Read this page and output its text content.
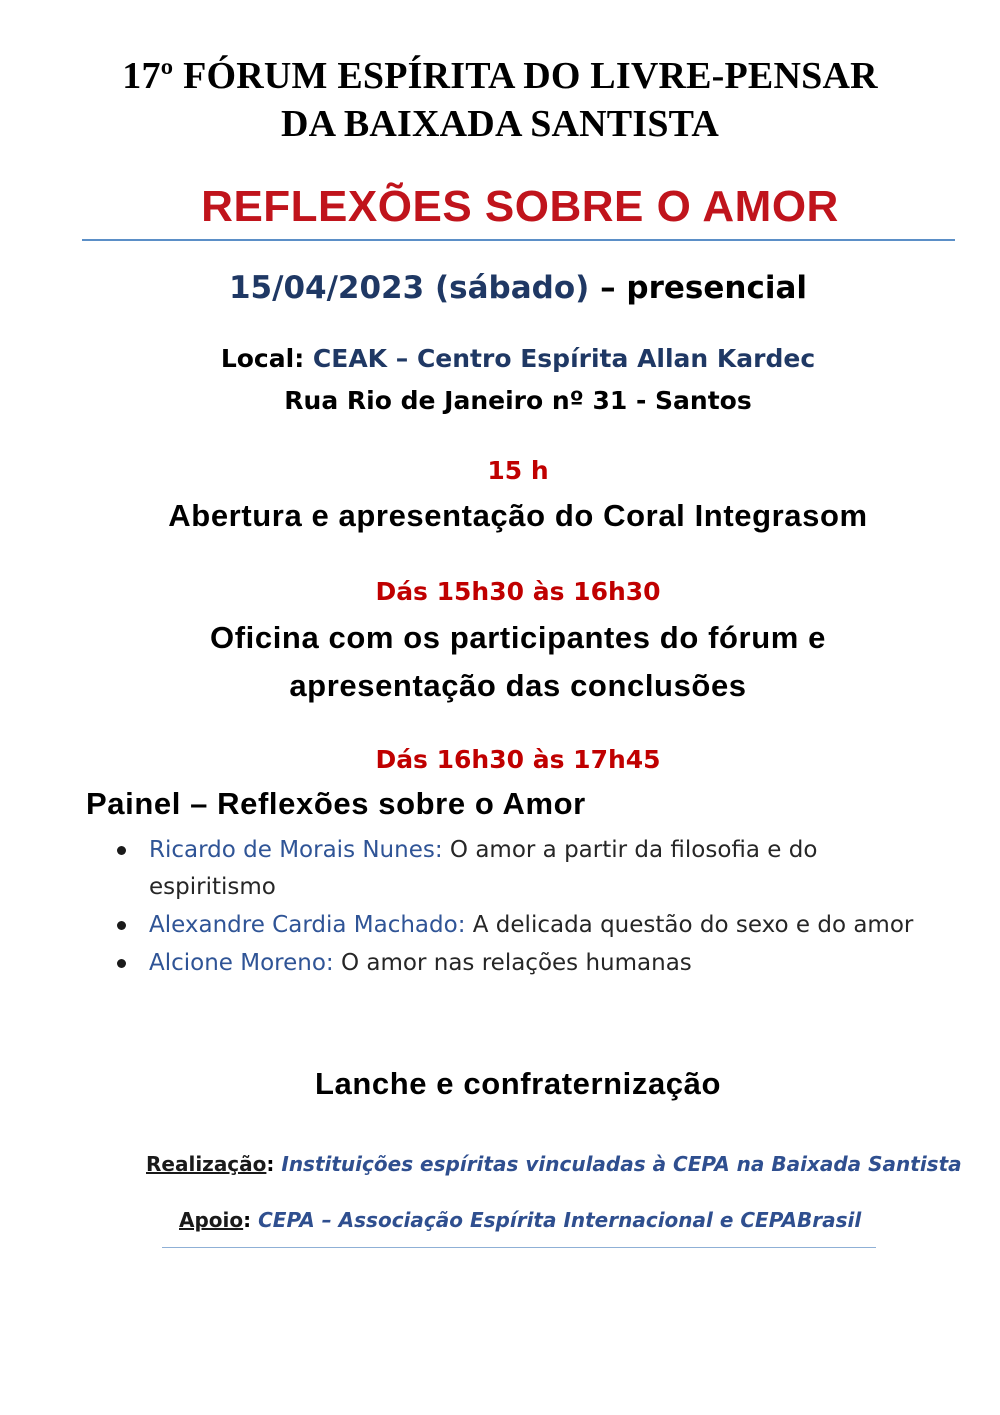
17º FÓRUM ESPÍRITA DO LIVRE-PENSAR
DA BAIXADA SANTISTA
REFLEXÕES SOBRE O AMOR
15/04/2023 (sábado) – presencial
Local: CEAK – Centro Espírita Allan Kardec
Rua Rio de Janeiro nº 31 - Santos
15 h
Abertura e apresentação do Coral Integrasom
Dás 15h30 às 16h30
Oficina com os participantes do fórum e
apresentação das conclusões
Dás 16h30 às 17h45
Painel – Reflexões sobre o Amor
Ricardo de Morais Nunes: O amor a partir da filosofia e do espiritismo
Alexandre Cardia Machado: A delicada questão do sexo e do amor
Alcione Moreno: O amor nas relações humanas
Lanche e confraternização
Realização: Instituições espíritas vinculadas à CEPA na Baixada Santista
Apoio: CEPA – Associação Espírita Internacional e CEPABrasil
